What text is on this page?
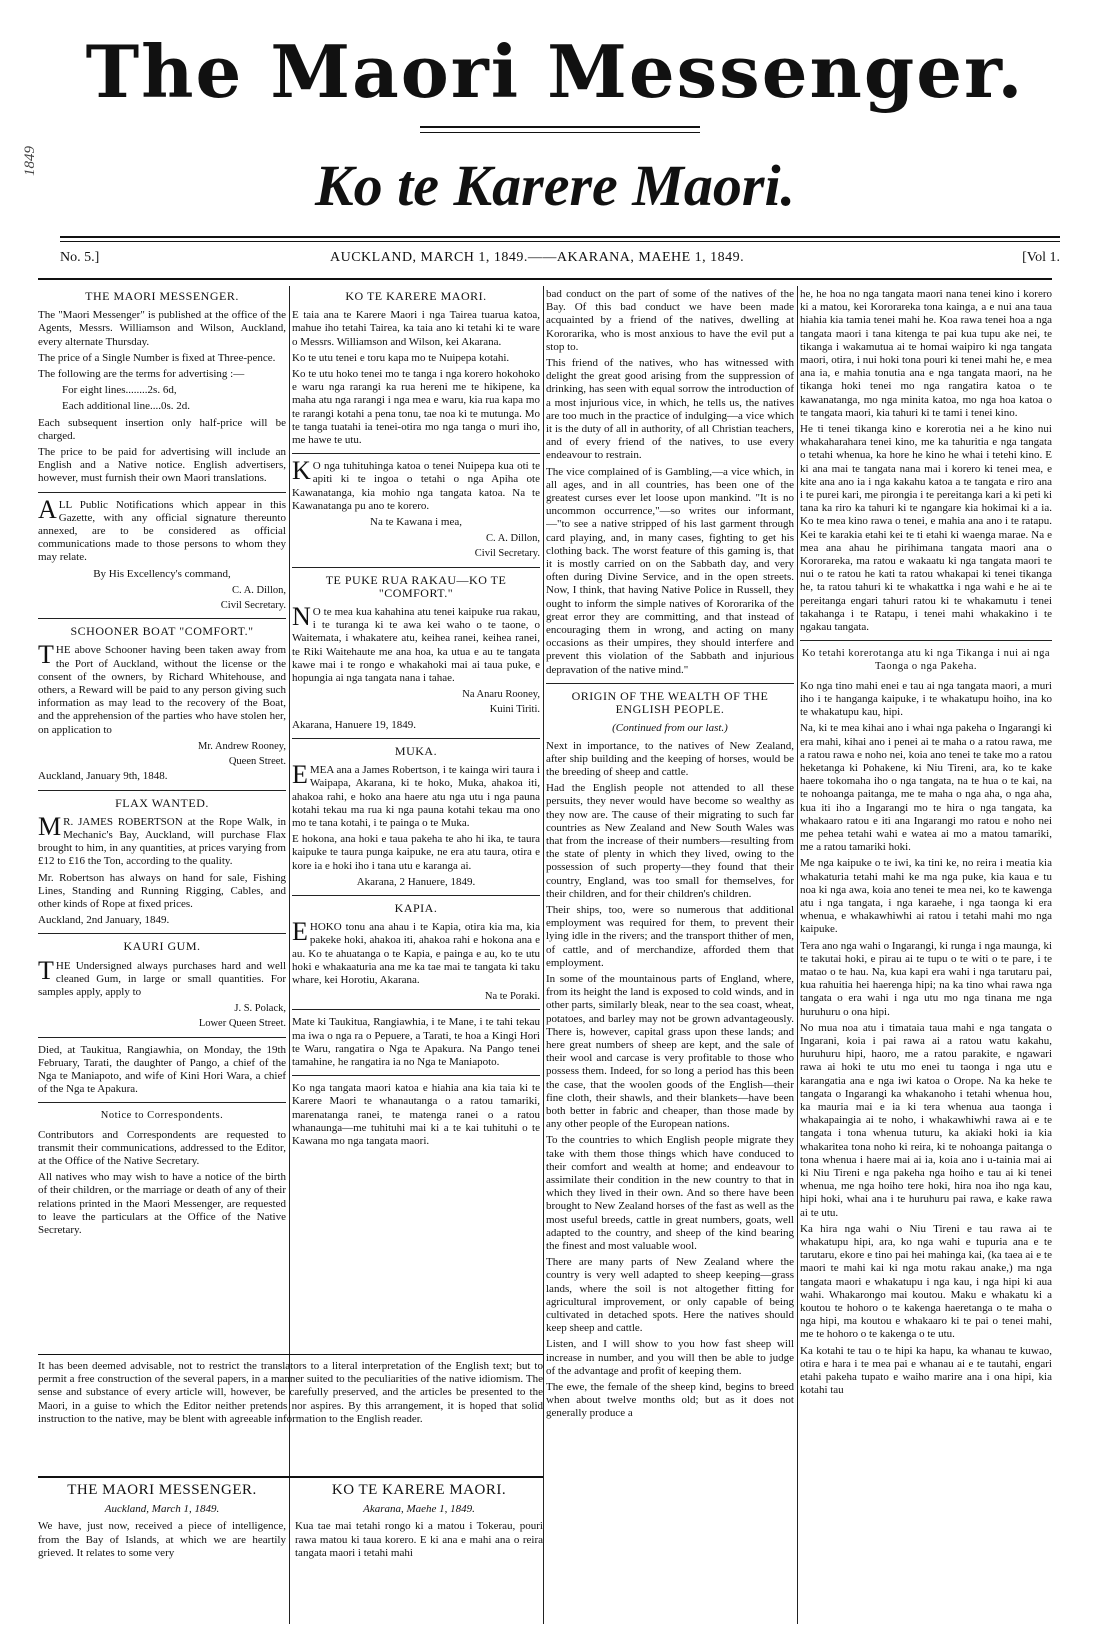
The Maori Messenger.
Ko te Karere Maori.
1849
No. 5.]	AUCKLAND, MARCH 1, 1849.——AKARANA, MAEHE 1, 1849.	[Vol 1.
THE MAORI MESSENGER.

The "Maori Messenger" is published at the office of the Agents, Messrs. Williamson and Wilson, Auckland, every alternate Thursday.

The price of a Single Number is fixed at Three-pence.

The following are the terms for advertising :—

For eight lines........2s. 6d,

Each additional line....0s. 2d.

Each subsequent insertion only half-price will be charged.

The price to be paid for advertising will include an English and a Native notice. English advertisers, however, must furnish their own Maori translations.

ALL Public Notifications which appear in this Gazette, with any official signature thereunto annexed, are to be considered as official communications made to those persons to whom they may relate.

By His Excellency's command,

C. A. Dillon,

Civil Secretary.

SCHOONER BOAT "COMFORT."

THE above Schooner having been taken away from the Port of Auckland, without the license or the consent of the owners, by Richard Whitehouse, and others, a Reward will be paid to any person giving such information as may lead to the recovery of the Boat, and the apprehension of the parties who have stolen her, on application to

Mr. Andrew Rooney,

Queen Street.

Auckland, January 9th, 1848.

FLAX WANTED.

MR. JAMES ROBERTSON at the Rope Walk, in Mechanic's Bay, Auckland, will purchase Flax brought to him, in any quantities, at prices varying from £12 to £16 the Ton, according to the quality.

Mr. Robertson has always on hand for sale, Fishing Lines, Standing and Running Rigging, Cables, and other kinds of Rope at fixed prices.

Auckland, 2nd January, 1849.

KAURI GUM.

THE Undersigned always purchases hard and well cleaned Gum, in large or small quantities. For samples apply, apply to

J. S. Polack,

Lower Queen Street.

Died, at Taukitua, Rangiawhia, on Monday, the 19th February, Tarati, the daughter of Pango, a chief of the Nga te Maniapoto, and wife of Kini Hori Wara, a chief of the Nga te Apakura.

Notice to Correspondents.

Contributors and Correspondents are requested to transmit their communications, addressed to the Editor, at the Office of the Native Secretary.

All natives who may wish to have a notice of the birth of their children, or the marriage or death of any of their relations printed in the Maori Messenger, are requested to leave the particulars at the Office of the Native Secretary.

KO TE KARERE MAORI.

E taia ana te Karere Maori i nga Tairea tuarua katoa, mahue iho tetahi Tairea, ka taia ano ki tetahi ki te ware o Messrs. Williamson and Wilson, kei Akarana.

Ko te utu tenei e toru kapa mo te Nuipepa kotahi.

Ko te utu hoko tenei mo te tanga i nga korero hokohoko e waru nga rarangi ka rua hereni me te hikipene, ka maha atu nga rarangi i nga mea e waru, kia rua kapa mo te rarangi kotahi a pena tonu, tae noa ki te mutunga. Mo te tanga tuatahi ia tenei-otira mo nga tanga o muri iho, me hawe te utu.

KO nga tuhituhinga katoa o tenei Nuipepa kua oti te apiti ki te ingoa o tetahi o nga Apiha ote Kawanatanga, kia mohio nga tangata katoa. Na te Kawanatanga pu ano te korero.

Na te Kawana i mea,

C. A. Dillon,

Civil Secretary.

TE PUKE RUA RAKAU—KO TE "COMFORT."

NO te mea kua kahahina atu tenei kaipuke rua rakau, i te turanga ki te awa kei waho o te taone, o Waitemata, i whakatere atu, keihea ranei, keihea ranei, te Riki Waitehaute me ana hoa, ka utua e au te tangata kawe mai i te rongo e whakahoki mai ai taua puke, e hopungia ai nga tangata nana i tahae.

Na Anaru Rooney,

Kuini Tiriti.

Akarana, Hanuere 19, 1849.

MUKA.

EMEA ana a James Robertson, i te kainga wiri taura i Waipapa, Akarana, ki te hoko, Muka, ahakoa iti, ahakoa rahi, e hoko ana haere atu nga utu i nga pauna kotahi tekau ma rua ki nga pauna kotahi tekau ma ono mo te tana kotahi, i te painga o te Muka.

E hokona, ana hoki e taua pakeha te aho hi ika, te taura kaipuke te taura punga kaipuke, ne era atu taura, otira e kore ia e hoki iho i tana utu e karanga ai.

Akarana, 2 Hanuere, 1849.

KAPIA.

EHOKO tonu ana ahau i te Kapia, otira kia ma, kia pakeke hoki, ahakoa iti, ahakoa rahi e hokona ana e au. Ko te ahuatanga o te Kapia, e painga e au, ko te utu hoki e whakaaturia ana me ka tae mai te tangata ki taku whare, kei Horotiu, Akarana.

Na te Poraki.

Mate ki Taukitua, Rangiawhia, i te Mane, i te tahi tekau ma iwa o nga ra o Pepuere, a Tarati, te hoa a Kingi Hori te Waru, rangatira o Nga te Apakura. Na Pango tenei tamahine, he rangatira ia no Nga te Maniapoto.

Ko nga tangata maori katoa e hiahia ana kia taia ki te Karere Maori te whanautanga o a ratou tamariki, marenatanga ranei, te matenga ranei o a ratou whanaunga—me tuhituhi mai ki a te kai tuhituhi o te Kawana mo nga tangata maori.

It has been deemed advisable, not to restrict the translators to a literal interpretation of the English text; but to permit a free construction of the several papers, in a manner suited to the peculiarities of the native idiomism. The sense and substance of every article will, however, be carefully preserved, and the articles be presented to the Maori, in a guise to which the Editor neither pretends nor aspires. By this arrangement, it is hoped that solid instruction to the native, may be blent with agreeable information to the English reader.

THE MAORI MESSENGER.
Auckland, March 1, 1849.

We have, just now, received a piece of intelligence, from the Bay of Islands, at which we are heartily grieved. It relates to some very

KO TE KARERE MAORI.
Akarana, Maehe 1, 1849.

Kua tae mai tetahi rongo ki a matou i Tokerau, pouri rawa matou ki taua korero. E ki ana e mahi ana o reira tangata maori i tetahi mahi

bad conduct on the part of some of the natives of the Bay. Of this bad conduct we have been made acquainted by a friend of the natives, dwelling at Kororarika, who is most anxious to have the evil put a stop to.

This friend of the natives, who has witnessed with delight the great good arising from the suppression of drinking, has seen with equal sorrow the introduction of a most injurious vice, in which, he tells us, the natives are too much in the practice of indulging—a vice which it is the duty of all in authority, of all Christian teachers, and of every friend of the natives, to use every endeavour to restrain.

The vice complained of is Gambling,—a vice which, in all ages, and in all countries, has been one of the greatest curses ever let loose upon mankind. "It is no uncommon occurrence,"—so writes our informant,—"to see a native stripped of his last garment through card playing, and, in many cases, fighting to get his clothing back. The worst feature of this gaming is, that it is mostly carried on on the Sabbath day, and very often during Divine Service, and in the open streets. Now, I think, that having Native Police in Russell, they ought to inform the simple natives of Kororarika of the great error they are committing, and that instead of encouraging them in wrong, and acting on many occasions as their umpires, they should interfere and prevent this violation of the Sabbath and injurious depravation of the native mind."

ORIGIN OF THE WEALTH OF THE ENGLISH PEOPLE.
(Continued from our last.)

Next in importance, to the natives of New Zealand, after ship building and the keeping of horses, would be the breeding of sheep and cattle.

Had the English people not attended to all these persuits, they never would have become so wealthy as they now are. The cause of their migrating to such far countries as New Zealand and New South Wales was that from the increase of their numbers—resulting from the state of plenty in which they lived, owing to the possession of such property—they found that their country, England, was too small for themselves, for their children, and for their children's children.

Their ships, too, were so numerous that additional employment was required for them, to prevent their lying idle in the rivers; and the transport thither of men, of cattle, and of merchandize, afforded them that employment.

In some of the mountainous parts of England, where, from its height the land is exposed to cold winds, and in other parts, similarly bleak, near to the sea coast, wheat, potatoes, and barley may not be grown advantageously. There is, however, capital grass upon these lands; and here great numbers of sheep are kept, and the sale of their wool and carcase is very profitable to those who possess them. Indeed, for so long a period has this been the case, that the woolen goods of the English—their fine cloth, their shawls, and their blankets—have been both better in fabric and cheaper, than those made by any other people of the European nations.

To the countries to which English people migrate they take with them those things which have conduced to their comfort and wealth at home; and endeavour to assimilate their condition in the new country to that in which they lived in their own. And so there have been brought to New Zealand horses of the fast as well as the most useful breeds, cattle in great numbers, goats, well adapted to the country, and sheep of the kind bearing the finest and most valuable wool.

There are many parts of New Zealand where the country is very well adapted to sheep keeping—grass lands, where the soil is not altogether fitting for agricultural improvement, or only capable of being cultivated in detached spots. Here the natives should keep sheep and cattle.

Listen, and I will show to you how fast sheep will increase in number, and you will then be able to judge of the advantage and profit of keeping them.

The ewe, the female of the sheep kind, begins to breed when about twelve months old; but as it does not generally produce a

he, he hoa no nga tangata maori nana tenei kino i korero ki a matou, kei Kororareka tona kainga, a e nui ana taua hiahia kia tamia tenei mahi he. Koa rawa tenei hoa a nga tangata maori i tana kitenga te pai kua tupu ake nei, te tikanga i wakamutua ai te homai waipiro ki nga tangata maori, otira, i nui hoki tona pouri ki tenei mahi he, e mea ana ia, e mahia tonutia ana e nga tangata maori, na he tikanga hoki tenei mo nga rangatira katoa o te kawanatanga, mo nga minita katoa, mo nga hoa katoa o te tangata maori, kia tahuri ki te tami i tenei kino.

He ti tenei tikanga kino e korerotia nei a he kino nui whakaharahara tenei kino, me ka tahuritia e nga tangata o tetahi whenua, ka hore he kino he whai i tetehi kino. E ki ana mai te tangata nana mai i korero ki tenei mea, e kite ana ano ia i nga kakahu katoa a te tangata e riro ana i te purei kari, me pirongia i te pereitanga kari a ki peti ki tana ka riro ka tahuri ki te ngangare kia hokimai ki a ia. Ko te mea kino rawa o tenei, e mahia ana ano i te ratapu. Kei te karakia etahi kei te ti etahi ki waenga marae. Na e mea ana ahau he pirihimana tangata maori ana o Kororareka, ma ratou e wakaatu ki nga tangata maori te nui o te ratou he kati ta ratou whakapai ki tenei tikanga he, ta ratou tahuri ki te whakattka i nga wahi e he ai te pereitanga engari tahuri ratou ki te whakamutu i tenei takahanga i te Ratapu, i tenei mahi whakakino i te ngakau tangata.

Ko tetahi korerotanga atu ki nga Tikanga i nui ai nga Taonga o nga Pakeha.

Ko nga tino mahi enei e tau ai nga tangata maori, a muri iho i te hanganga kaipuke, i te whakatupu hoiho, ina ko te whakatupu kau, hipi.

Na, ki te mea kihai ano i whai nga pakeha o Ingarangi ki era mahi, kihai ano i penei ai te maha o a ratou rawa, me a ratou rawa e noho nei, koia ano tenei te take mo a ratou heketanga ki Pohakene, ki Niu Tireni, ara, ko te kake haere tokomaha iho o nga tangata, na te hua o te kai, na te nohoanga paitanga, me te maha o nga aha, o nga aha, kua iti iho a Ingarangi mo te hira o nga tangata, ka whakaaro ratou e iti ana Ingarangi mo ratou e noho nei me pehea tetahi wahi e watea ai mo a matou tamariki, me a ratou tamariki hoki.

Me nga kaipuke o te iwi, ka tini ke, no reira i meatia kia whakaturia tetahi mahi ke ma nga puke, kia kaua e tu noa ki nga awa, koia ano tenei te mea nei, ko te kawenga atu i nga tangata, i nga karaehe, i nga taonga ki era whenua, e whakawhiwhi ai ratou i tetahi mahi mo nga kaipuke.

Tera ano nga wahi o Ingarangi, ki runga i nga maunga, ki te takutai hoki, e pirau ai te tupu o te witi o te pare, i te matao o te hau. Na, kua kapi era wahi i nga tarutaru pai, kua rahuitia hei haerenga hipi; na ka tino whai rawa nga tangata o era wahi i nga utu mo nga tinana me nga huruhuru o ona hipi.

No mua noa atu i timataia taua mahi e nga tangata o Ingarani, koia i pai rawa ai a ratou watu kakahu, huruhuru hipi, haoro, me a ratou parakite, e ngawari rawa ai hoki te utu mo enei tu taonga i nga utu e karangatia ana e nga iwi katoa o Orope. Na ka heke te tangata o Ingarangi ka whakanoho i tetahi whenua hou, ka mauria mai e ia ki tera whenua aua taonga i whakapaingia ai te noho, i whakawhiwhi rawa ai e te tangata i tona whenua tuturu, ka akiaki hoki ia kia whakaritea tona noho ki reira, ki te nohoanga paitanga o tona whenua i haere mai ai ia, koia ano i u-tainia mai ai ki Niu Tireni e nga pakeha nga hoiho e tau ai ki tenei whenua, me nga hoiho tere hoki, hira noa iho nga kau, hipi hoki, whai ana i te huruhuru pai rawa, e kake rawa ai te utu.

Ka hira nga wahi o Niu Tireni e tau rawa ai te whakatupu hipi, ara, ko nga wahi e tupuria ana e te tarutaru, ekore e tino pai hei mahinga kai, (ka taea ai e te maori te mahi kai ki nga motu rakau anake,) ma nga tangata maori e whakatupu i nga kau, i nga hipi ki aua wahi. Whakarongo mai koutou. Maku e whakatu ki a koutou te hohoro o te kakenga haeretanga o te maha o nga hipi, ma koutou e whakaaro ki te pai o tenei mahi, me te hohoro o te kakenga o te utu.

Ka kotahi te tau o te hipi ka hapu, ka whanau te kuwao, otira e hara i te mea pai e whanau ai e te tautahi, engari etahi pakeha tupato e waiho marire ana i ona hipi, kia kotahi tau
